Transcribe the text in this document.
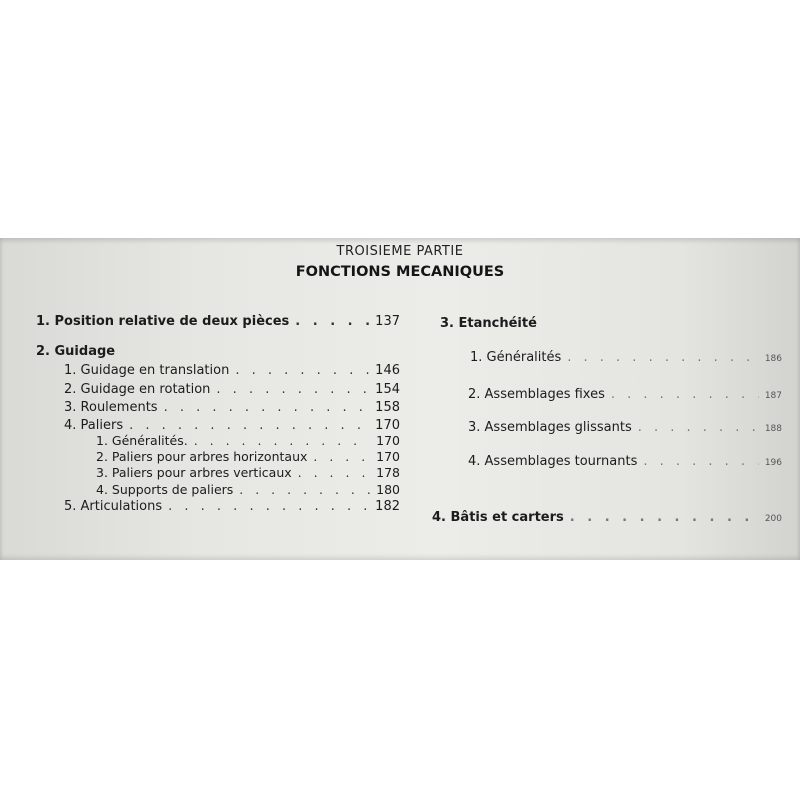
TROISIEME PARTIE
FONCTIONS MECANIQUES
1. Position relative de deux pièces . . .	137
2. Guidage
1. Guidage en translation . . .	146
2. Guidage en rotation . . .	154
3. Roulements . . .	158
4. Paliers . . .	170
1. Généralités. . . .	170
2. Paliers pour arbres horizontaux . . .	170
3. Paliers pour arbres verticaux . . .	178
4. Supports de paliers . . .	180
5. Articulations . . .	182
3. Etanchéité
1. Généralités . . .	186
2. Assemblages fixes . . .	187
3. Assemblages glissants . . .	188
4. Assemblages tournants . . .	196
4. Bâtis et carters . . .	200
